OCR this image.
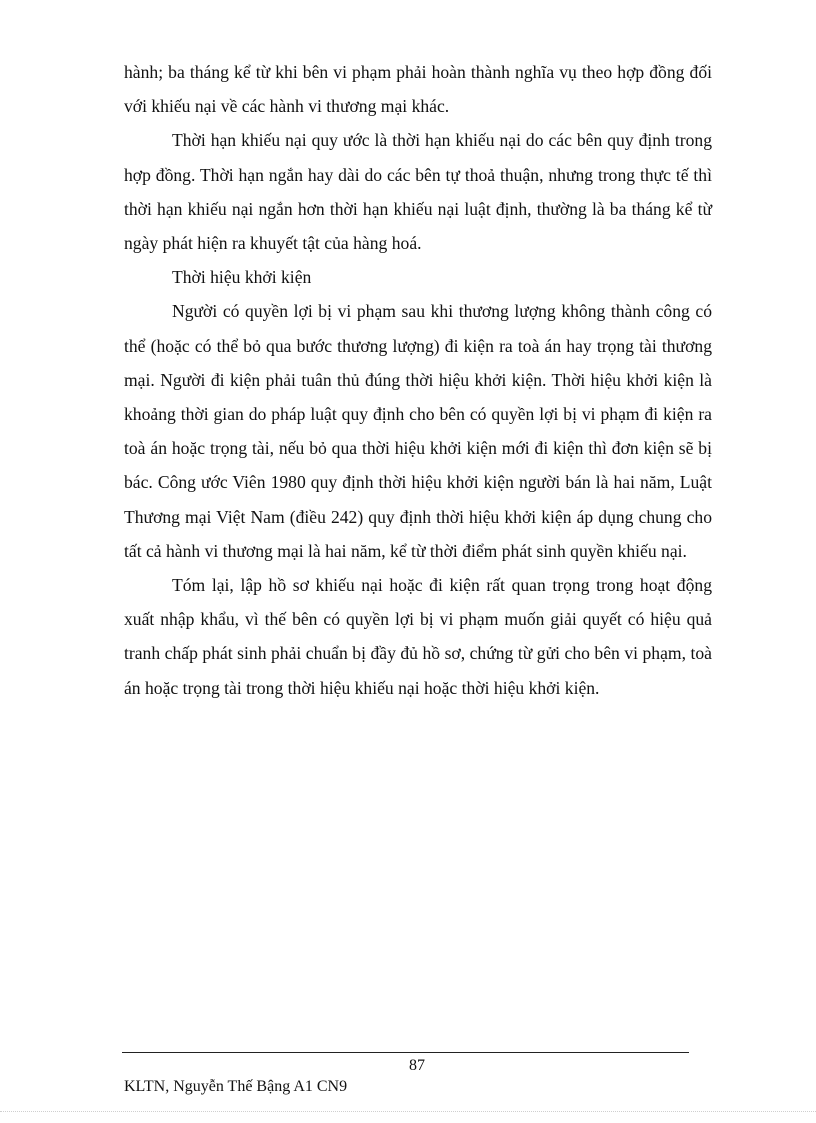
hành; ba tháng kể từ khi bên vi phạm phải hoàn thành nghĩa vụ theo hợp đồng đối với khiếu nại về các hành vi thương mại khác.

Thời hạn khiếu nại quy ước là thời hạn khiếu nại do các bên quy định trong hợp đồng. Thời hạn ngắn hay dài do các bên tự thoả thuận, nhưng trong thực tế thì thời hạn khiếu nại ngắn hơn thời hạn khiếu nại luật định, thường là ba tháng kể từ ngày phát hiện ra khuyết tật của hàng hoá.

Thời hiệu khởi kiện

Người có quyền lợi bị vi phạm sau khi thương lượng không thành công có thể (hoặc có thể bỏ qua bước thương lượng) đi kiện ra toà án hay trọng tài thương mại. Người đi kiện phải tuân thủ đúng thời hiệu khởi kiện. Thời hiệu khởi kiện là khoảng thời gian do pháp luật quy định cho bên có quyền lợi bị vi phạm đi kiện ra toà án hoặc trọng tài, nếu bỏ qua thời hiệu khởi kiện mới đi kiện thì đơn kiện sẽ bị bác. Công ước Viên 1980 quy định thời hiệu khởi kiện người bán là hai năm, Luật Thương mại Việt Nam (điều 242) quy định thời hiệu khởi kiện áp dụng chung cho tất cả hành vi thương mại là hai năm, kể từ thời điểm phát sinh quyền khiếu nại.

Tóm lại, lập hồ sơ khiếu nại hoặc đi kiện rất quan trọng trong hoạt động xuất nhập khẩu, vì thế bên có quyền lợi bị vi phạm muốn giải quyết có hiệu quả tranh chấp phát sinh phải chuẩn bị đầy đủ hồ sơ, chứng từ gửi cho bên vi phạm, toà án hoặc trọng tài trong thời hiệu khiếu nại hoặc thời hiệu khởi kiện.

87
KLTN, Nguyễn Thế Bậng A1 CN9
